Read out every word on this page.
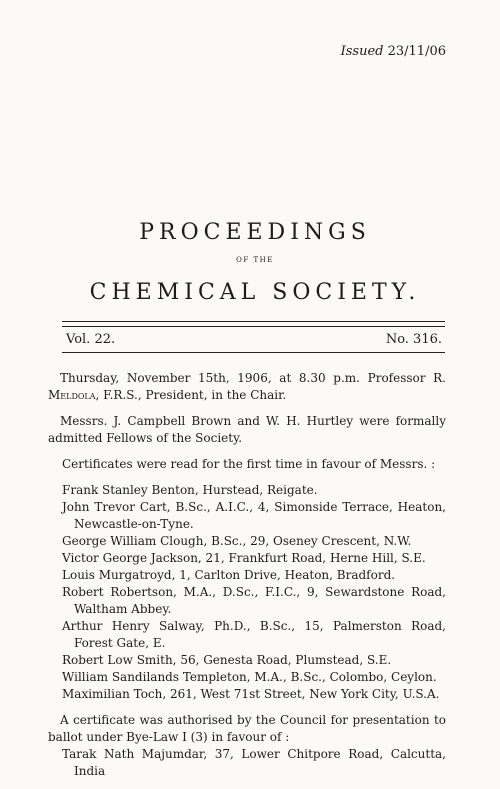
Issued 23/11/06
PROCEEDINGS
OF THE
CHEMICAL SOCIETY.
Vol. 22.	No. 316.

Thursday, November 15th, 1906, at 8.30 p.m. Professor R. Meldola, F.R.S., President, in the Chair.

Messrs. J. Campbell Brown and W. H. Hurtley were formally admitted Fellows of the Society.

Certificates were read for the first time in favour of Messrs. :

Frank Stanley Benton, Hurstead, Reigate.
John Trevor Cart, B.Sc., A.I.C., 4, Simonside Terrace, Heaton, Newcastle-on-Tyne.
George William Clough, B.Sc., 29, Oseney Crescent, N.W.
Victor George Jackson, 21, Frankfurt Road, Herne Hill, S.E.
Louis Murgatroyd, 1, Carlton Drive, Heaton, Bradford.
Robert Robertson, M.A., D.Sc., F.I.C., 9, Sewardstone Road, Waltham Abbey.
Arthur Henry Salway, Ph.D., B.Sc., 15, Palmerston Road, Forest Gate, E.
Robert Low Smith, 56, Genesta Road, Plumstead, S.E.
William Sandilands Templeton, M.A., B.Sc., Colombo, Ceylon.
Maximilian Toch, 261, West 71st Street, New York City, U.S.A.

A certificate was authorised by the Council for presentation to ballot under Bye-Law I (3) in favour of :

Tarak Nath Majumdar, 37, Lower Chitpore Road, Calcutta, India
